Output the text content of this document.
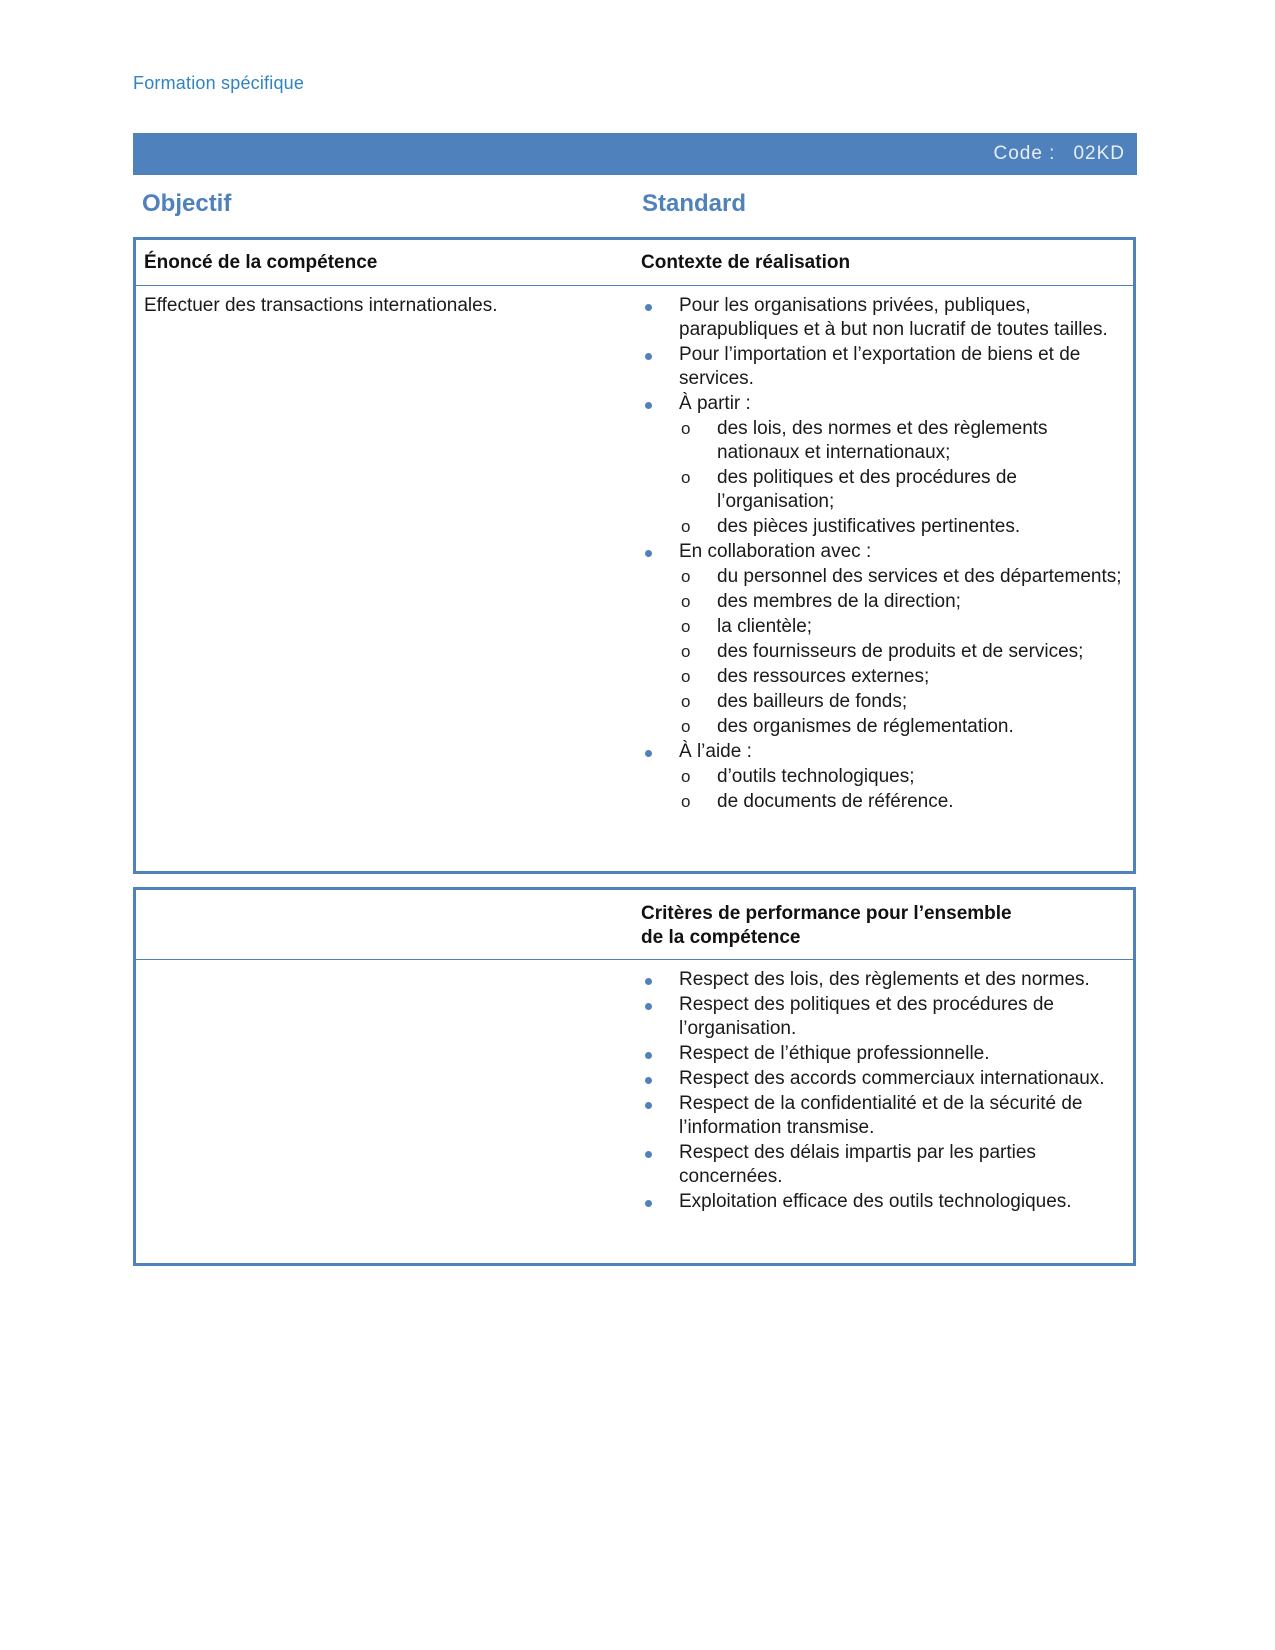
Formation spécifique
Code : 02KD
Objectif	Standard
Énoncé de la compétence	Contexte de réalisation
Effectuer des transactions internationales.	Pour les organisations privées, publiques, parapubliques et à but non lucratif de toutes tailles.
Pour l’importation et l’exportation de biens et de services.
À partir :
o des lois, des normes et des règlements nationaux et internationaux;
o des politiques et des procédures de l’organisation;
o des pièces justificatives pertinentes.
En collaboration avec :
o du personnel des services et des départements;
o des membres de la direction;
o la clientèle;
o des fournisseurs de produits et de services;
o des ressources externes;
o des bailleurs de fonds;
o des organismes de réglementation.
À l’aide :
o d’outils technologiques;
o de documents de référence.
Critères de performance pour l’ensemble
de la compétence
Respect des lois, des règlements et des normes.
Respect des politiques et des procédures de l’organisation.
Respect de l’éthique professionnelle.
Respect des accords commerciaux internationaux.
Respect de la confidentialité et de la sécurité de l’information transmise.
Respect des délais impartis par les parties concernées.
Exploitation efficace des outils technologiques.
